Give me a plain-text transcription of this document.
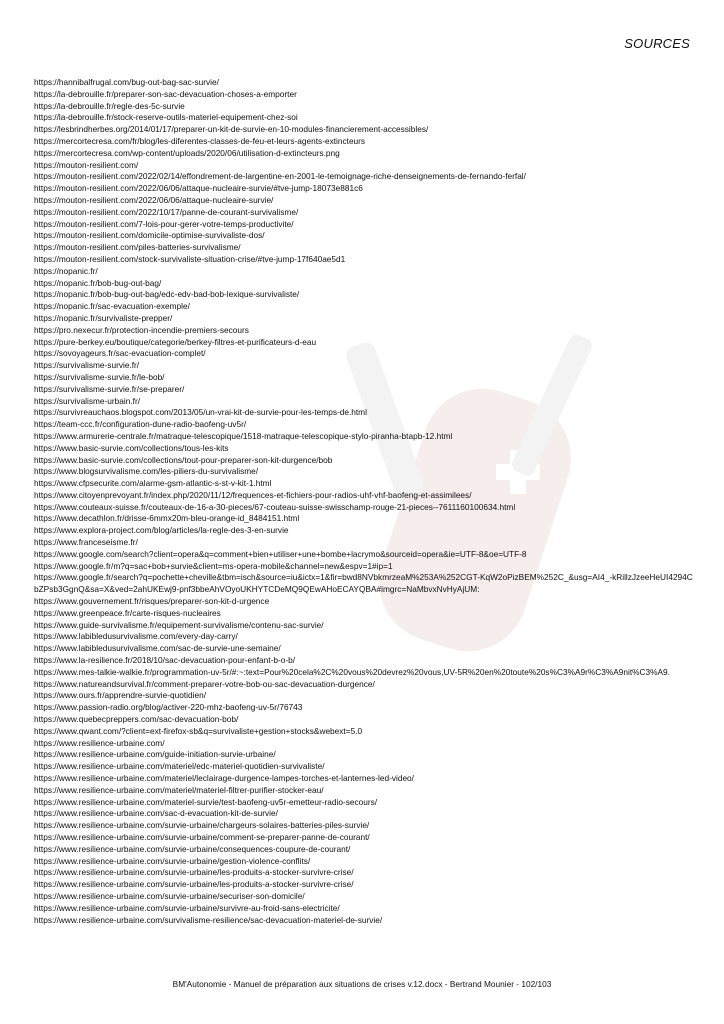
SOURCES
https://hannibalfrugal.com/bug-out-bag-sac-survie/
https://la-debrouille.fr/preparer-son-sac-devacuation-choses-a-emporter
https://la-debrouille.fr/regle-des-5c-survie
https://la-debrouille.fr/stock-reserve-outils-materiel-equipement-chez-soi
https://lesbrindherbes.org/2014/01/17/preparer-un-kit-de-survie-en-10-modules-financierement-accessibles/
https://mercortecresa.com/fr/blog/les-diferentes-classes-de-feu-et-leurs-agents-extincteurs
https://mercortecresa.com/wp-content/uploads/2020/06/utilisation-d-extincteurs.png
https://mouton-resilient.com/
https://mouton-resilient.com/2022/02/14/effondrement-de-largentine-en-2001-le-temoignage-riche-denseignements-de-fernando-ferfal/
https://mouton-resilient.com/2022/06/06/attaque-nucleaire-survie/#tve-jump-18073e881c6
https://mouton-resilient.com/2022/06/06/attaque-nucleaire-survie/
https://mouton-resilient.com/2022/10/17/panne-de-courant-survivalisme/
https://mouton-resilient.com/7-lois-pour-gerer-votre-temps-productivite/
https://mouton-resilient.com/domicile-optimise-survivaliste-dos/
https://mouton-resilient.com/piles-batteries-survivalisme/
https://mouton-resilient.com/stock-survivaliste-situation-crise/#tve-jump-17f640ae5d1
https://nopanic.fr/
https://nopanic.fr/bob-bug-out-bag/
https://nopanic.fr/bob-bug-out-bag/edc-edv-bad-bob-lexique-survivaliste/
https://nopanic.fr/sac-evacuation-exemple/
https://nopanic.fr/survivaliste-prepper/
https://pro.nexecur.fr/protection-incendie-premiers-secours
https://pure-berkey.eu/boutique/categorie/berkey-filtres-et-purificateurs-d-eau
https://sovoyageurs.fr/sac-evacuation-complet/
https://survivalisme-survie.fr/
https://survivalisme-survie.fr/le-bob/
https://survivalisme-survie.fr/se-preparer/
https://survivalisme-urbain.fr/
https://survivreauchaos.blogspot.com/2013/05/un-vrai-kit-de-survie-pour-les-temps-de.html
https://team-ccc.fr/configuration-dune-radio-baofeng-uv5r/
https://www.armurerie-centrale.fr/matraque-telescopique/1518-matraque-telescopique-stylo-piranha-btapb-12.html
https://www.basic-survie.com/collections/tous-les-kits
https://www.basic-survie.com/collections/tout-pour-preparer-son-kit-durgence/bob
https://www.blogsurvivalisme.com/les-piliers-du-survivalisme/
https://www.cfpsecurite.com/alarme-gsm-atlantic-s-st-v-kit-1.html
https://www.citoyenprevoyant.fr/index.php/2020/11/12/frequences-et-fichiers-pour-radios-uhf-vhf-baofeng-et-assimilees/
https://www.couteaux-suisse.fr/couteaux-de-16-a-30-pieces/67-couteau-suisse-swisschamp-rouge-21-pieces--7611160100634.html
https://www.decathlon.fr/drisse-6mmx20m-bleu-orange-id_8484151.html
https://www.explora-project.com/blog/articles/la-regle-des-3-en-survie
https://www.franceseisme.fr/
https://www.google.com/search?client=opera&q=comment+bien+utiliser+une+bombe+lacrymo&sourceid=opera&ie=UTF-8&oe=UTF-8
https://www.google.fr/m?q=sac+bob+survie&client=ms-opera-mobile&channel=new&espv=1#ip=1
https://www.google.fr/search?q=pochette+cheville&tbm=isch&source=iu&ictx=1&fir=bwd8NVbkmrzeaM%253A%252CGT-KqW2oPizBEM%252C_&usg=AI4_-kRillzJzeeHeUI4294CbZPsb3GgnQ&sa=X&ved=2ahUKEwj9-pnf3bbeAhVOyoUKHYTCDeMQ9QEwAHoECAYQBA#imgrc=NaMbvxNvHyAjUM:
https://www.gouvernement.fr/risques/preparer-son-kit-d-urgence
https://www.greenpeace.fr/carte-risques-nucleaires
https://www.guide-survivalisme.fr/equipement-survivalisme/contenu-sac-survie/
https://www.labibledusurvivalisme.com/every-day-carry/
https://www.labibledusurvivalisme.com/sac-de-survie-une-semaine/
https://www.la-resilience.fr/2018/10/sac-devacuation-pour-enfant-b-o-b/
https://www.mes-talkie-walkie.fr/programmation-uv-5r/#:~:text=Pour%20cela%2C%20vous%20devrez%20vous,UV-5R%20en%20toute%20s%C3%A9r%C3%A9nit%C3%A9.
https://www.natureandsurvival.fr/comment-preparer-votre-bob-ou-sac-devacuation-durgence/
https://www.ours.fr/apprendre-survie-quotidien/
https://www.passion-radio.org/blog/activer-220-mhz-baofeng-uv-5r/76743
https://www.quebecpreppers.com/sac-devacuation-bob/
https://www.qwant.com/?client=ext-firefox-sb&q=survivaliste+gestion+stocks&webext=5.0
https://www.resilience-urbaine.com/
https://www.resilience-urbaine.com/guide-initiation-survie-urbaine/
https://www.resilience-urbaine.com/materiel/edc-materiel-quotidien-survivaliste/
https://www.resilience-urbaine.com/materiel/leclairage-durgence-lampes-torches-et-lanternes-led-video/
https://www.resilience-urbaine.com/materiel/materiel-filtrer-purifier-stocker-eau/
https://www.resilience-urbaine.com/materiel-survie/test-baofeng-uv5r-emetteur-radio-secours/
https://www.resilience-urbaine.com/sac-d-evacuation-kit-de-survie/
https://www.resilience-urbaine.com/survie-urbaine/chargeurs-solaires-batteries-piles-survie/
https://www.resilience-urbaine.com/survie-urbaine/comment-se-preparer-panne-de-courant/
https://www.resilience-urbaine.com/survie-urbaine/consequences-coupure-de-courant/
https://www.resilience-urbaine.com/survie-urbaine/gestion-violence-conflits/
https://www.resilience-urbaine.com/survie-urbaine/les-produits-a-stocker-survivre-crise/
https://www.resilience-urbaine.com/survie-urbaine/les-produits-a-stocker-survivre-crise/
https://www.resilience-urbaine.com/survie-urbaine/securiser-son-domicile/
https://www.resilience-urbaine.com/survie-urbaine/survivre-au-froid-sans-electricite/
https://www.resilience-urbaine.com/survivalisme-resilience/sac-devacuation-materiel-de-survie/
BM'Autonomie - Manuel de préparation aux situations de crises v.12.docx - Bertrand Mounier - 102/103
